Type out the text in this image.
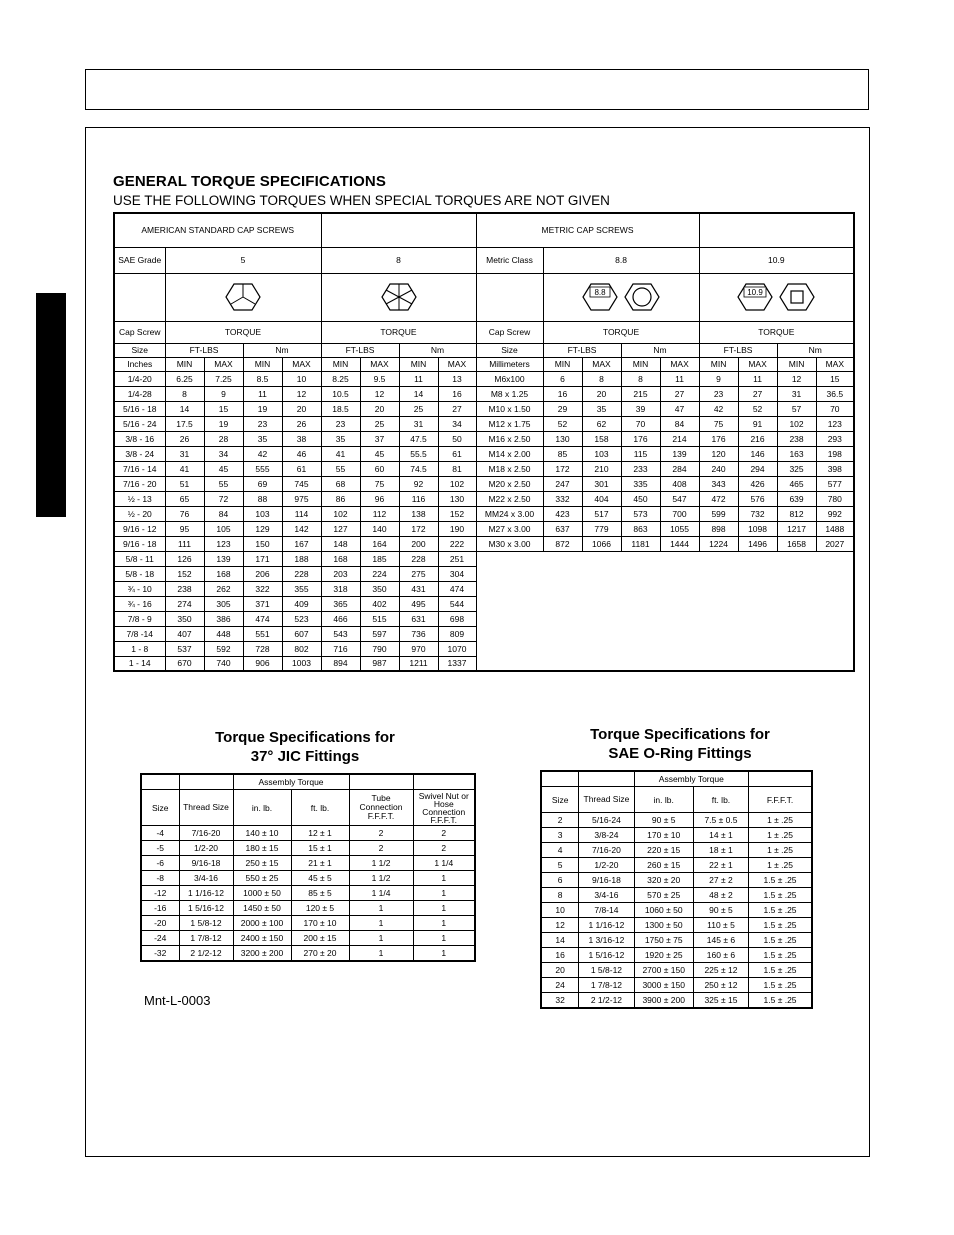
GENERAL TORQUE SPECIFICATIONS
USE THE FOLLOWING TORQUES WHEN SPECIAL TORQUES ARE NOT GIVEN
AMERICAN STANDARD CAP SCREWS									METRIC CAP SCREWS								
SAE Grade	5				8				Metric Class	8.8				10.9			

8.8				10.9			

Cap Screw	TORQUE				TORQUE				Cap Screw	TORQUE				TORQUE			
Size	FT-LBS		Nm		FT-LBS		Nm		Size	FT-LBS		Nm		FT-LBS		Nm	
Inches	MIN	MAX	MIN	MAX	MIN	MAX	MIN	MAX	Millimeters	MIN	MAX	MIN	MAX	MIN	MAX	MIN	MAX
1/4-20	6.25	7.25	8.5	10	8.25	9.5	11	13	M6x100	6	8	8	11	9	11	12	15
1/4-28	8	9	11	12	10.5	12	14	16	M8 x 1.25	16	20	215	27	23	27	31	36.5
5/16 - 18	14	15	19	20	18.5	20	25	27	M10 x 1.50	29	35	39	47	42	52	57	70
5/16 - 24	17.5	19	23	26	23	25	31	34	M12 x 1.75	52	62	70	84	75	91	102	123
3/8 - 16	26	28	35	38	35	37	47.5	50	M16 x 2.50	130	158	176	214	176	216	238	293
3/8 - 24	31	34	42	46	41	45	55.5	61	M14 x 2.00	85	103	115	139	120	146	163	198
7/16 - 14	41	45	555	61	55	60	74.5	81	M18 x 2.50	172	210	233	284	240	294	325	398
7/16 - 20	51	55	69	745	68	75	92	102	M20 x 2.50	247	301	335	408	343	426	465	577
½ - 13	65	72	88	975	86	96	116	130	M22 x 2.50	332	404	450	547	472	576	639	780
½ - 20	76	84	103	114	102	112	138	152	MM24 x 3.00	423	517	573	700	599	732	812	992
9/16 - 12	95	105	129	142	127	140	172	190	M27 x 3.00	637	779	863	1055	898	1098	1217	1488
9/16 - 18	111	123	150	167	148	164	200	222	M30 x 3.00	872	1066	1181	1444	1224	1496	1658	2027
5/8 - 11	126	139	171	188	168	185	228	251									
5/8 - 18	152	168	206	228	203	224	275	304									
¾ - 10	238	262	322	355	318	350	431	474									
¾ - 16	274	305	371	409	365	402	495	544									
7/8 - 9	350	386	474	523	466	515	631	698									
7/8 -14	407	448	551	607	543	597	736	809									
1 - 8	537	592	728	802	716	790	970	1070									
1 - 14	670	740	906	1003	894	987	1211	1337									
Torque Specifications for
37° JIC Fittings
		Assembly Torque			
Size	Thread Size	in. lb.	ft. lb.	Tube Connection F.F.F.T.	Swivel Nut or Hose Connection F.F.F.T.
-4	7/16-20	140 ± 10	12 ± 1	2	2
-5	1/2-20	180 ± 15	15 ± 1	2	2
-6	9/16-18	250 ± 15	21 ± 1	1 1/2	1 1/4
-8	3/4-16	550 ± 25	45 ± 5	1 1/2	1
-12	1 1/16-12	1000 ± 50	85 ± 5	1 1/4	1
-16	1 5/16-12	1450 ± 50	120 ± 5	1	1
-20	1 5/8-12	2000 ± 100	170 ± 10	1	1
-24	1 7/8-12	2400 ± 150	200 ± 15	1	1
-32	2 1/2-12	3200 ± 200	270 ± 20	1	1
Torque Specifications for
SAE O-Ring Fittings
		Assembly Torque		
Size	Thread Size	in. lb.	ft. lb.	F.F.F.T.
2	5/16-24	90 ± 5	7.5 ± 0.5	1 ± .25
3	3/8-24	170 ± 10	14 ± 1	1 ± .25
4	7/16-20	220 ± 15	18 ± 1	1 ± .25
5	1/2-20	260 ± 15	22 ± 1	1 ± .25
6	9/16-18	320 ± 20	27 ± 2	1.5 ± .25
8	3/4-16	570 ± 25	48 ± 2	1.5 ± .25
10	7/8-14	1060 ± 50	90 ± 5	1.5 ± .25
12	1 1/16-12	1300 ± 50	110 ± 5	1.5 ± .25
14	1 3/16-12	1750 ± 75	145 ± 6	1.5 ± .25
16	1 5/16-12	1920 ± 25	160 ± 6	1.5 ± .25
20	1 5/8-12	2700 ± 150	225 ± 12	1.5 ± .25
24	1 7/8-12	3000 ± 150	250 ± 12	1.5 ± .25
32	2 1/2-12	3900 ± 200	325 ± 15	1.5 ± .25
Mnt-L-0003
